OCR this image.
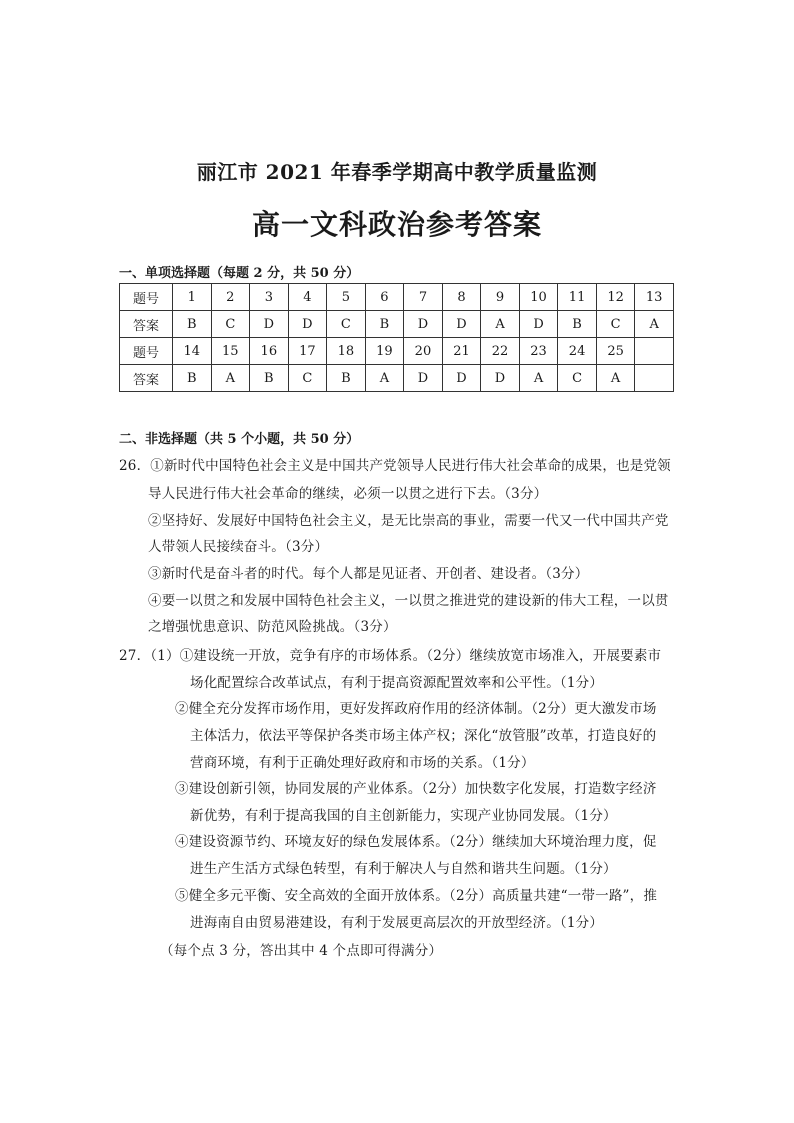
丽江市 2021 年春季学期高中教学质量监测
高一文科政治参考答案
一、单项选择题（每题 2 分，共 50 分）
题号	1	2	3	4	5	6	7	8	9	10	11	12	13
答案	B	C	D	D	C	B	D	D	A	D	B	C	A
题号	14	15	16	17	18	19	20	21	22	23	24	25	
答案	B	A	B	C	B	A	D	D	D	A	C	A	
二、非选择题（共 5 个小题，共 50 分）
26．①新时代中国特色社会主义是中国共产党领导人民进行伟大社会革命的成果，也是党领
导人民进行伟大社会革命的继续，必须一以贯之进行下去。（3分）
②坚持好、发展好中国特色社会主义，是无比崇高的事业，需要一代又一代中国共产党
人带领人民接续奋斗。（3分）
③新时代是奋斗者的时代。每个人都是见证者、开创者、建设者。（3分）
④要一以贯之和发展中国特色社会主义，一以贯之推进党的建设新的伟大工程，一以贯
之增强忧患意识、防范风险挑战。（3分）
27．（1）①建设统一开放，竞争有序的市场体系。（2分）继续放宽市场准入，开展要素市
场化配置综合改革试点，有利于提高资源配置效率和公平性。（1分）
②健全充分发挥市场作用，更好发挥政府作用的经济体制。（2分）更大激发市场
主体活力，依法平等保护各类市场主体产权；深化“放管服”改革，打造良好的
营商环境，有利于正确处理好政府和市场的关系。（1分）
③建设创新引领，协同发展的产业体系。（2分）加快数字化发展，打造数字经济
新优势，有利于提高我国的自主创新能力，实现产业协同发展。（1分）
④建设资源节约、环境友好的绿色发展体系。（2分）继续加大环境治理力度，促
进生产生活方式绿色转型，有利于解决人与自然和谐共生问题。（1分）
⑤健全多元平衡、安全高效的全面开放体系。（2分）高质量共建“一带一路”，推
进海南自由贸易港建设，有利于发展更高层次的开放型经济。（1分）
（每个点 3 分，答出其中 4 个点即可得满分）
